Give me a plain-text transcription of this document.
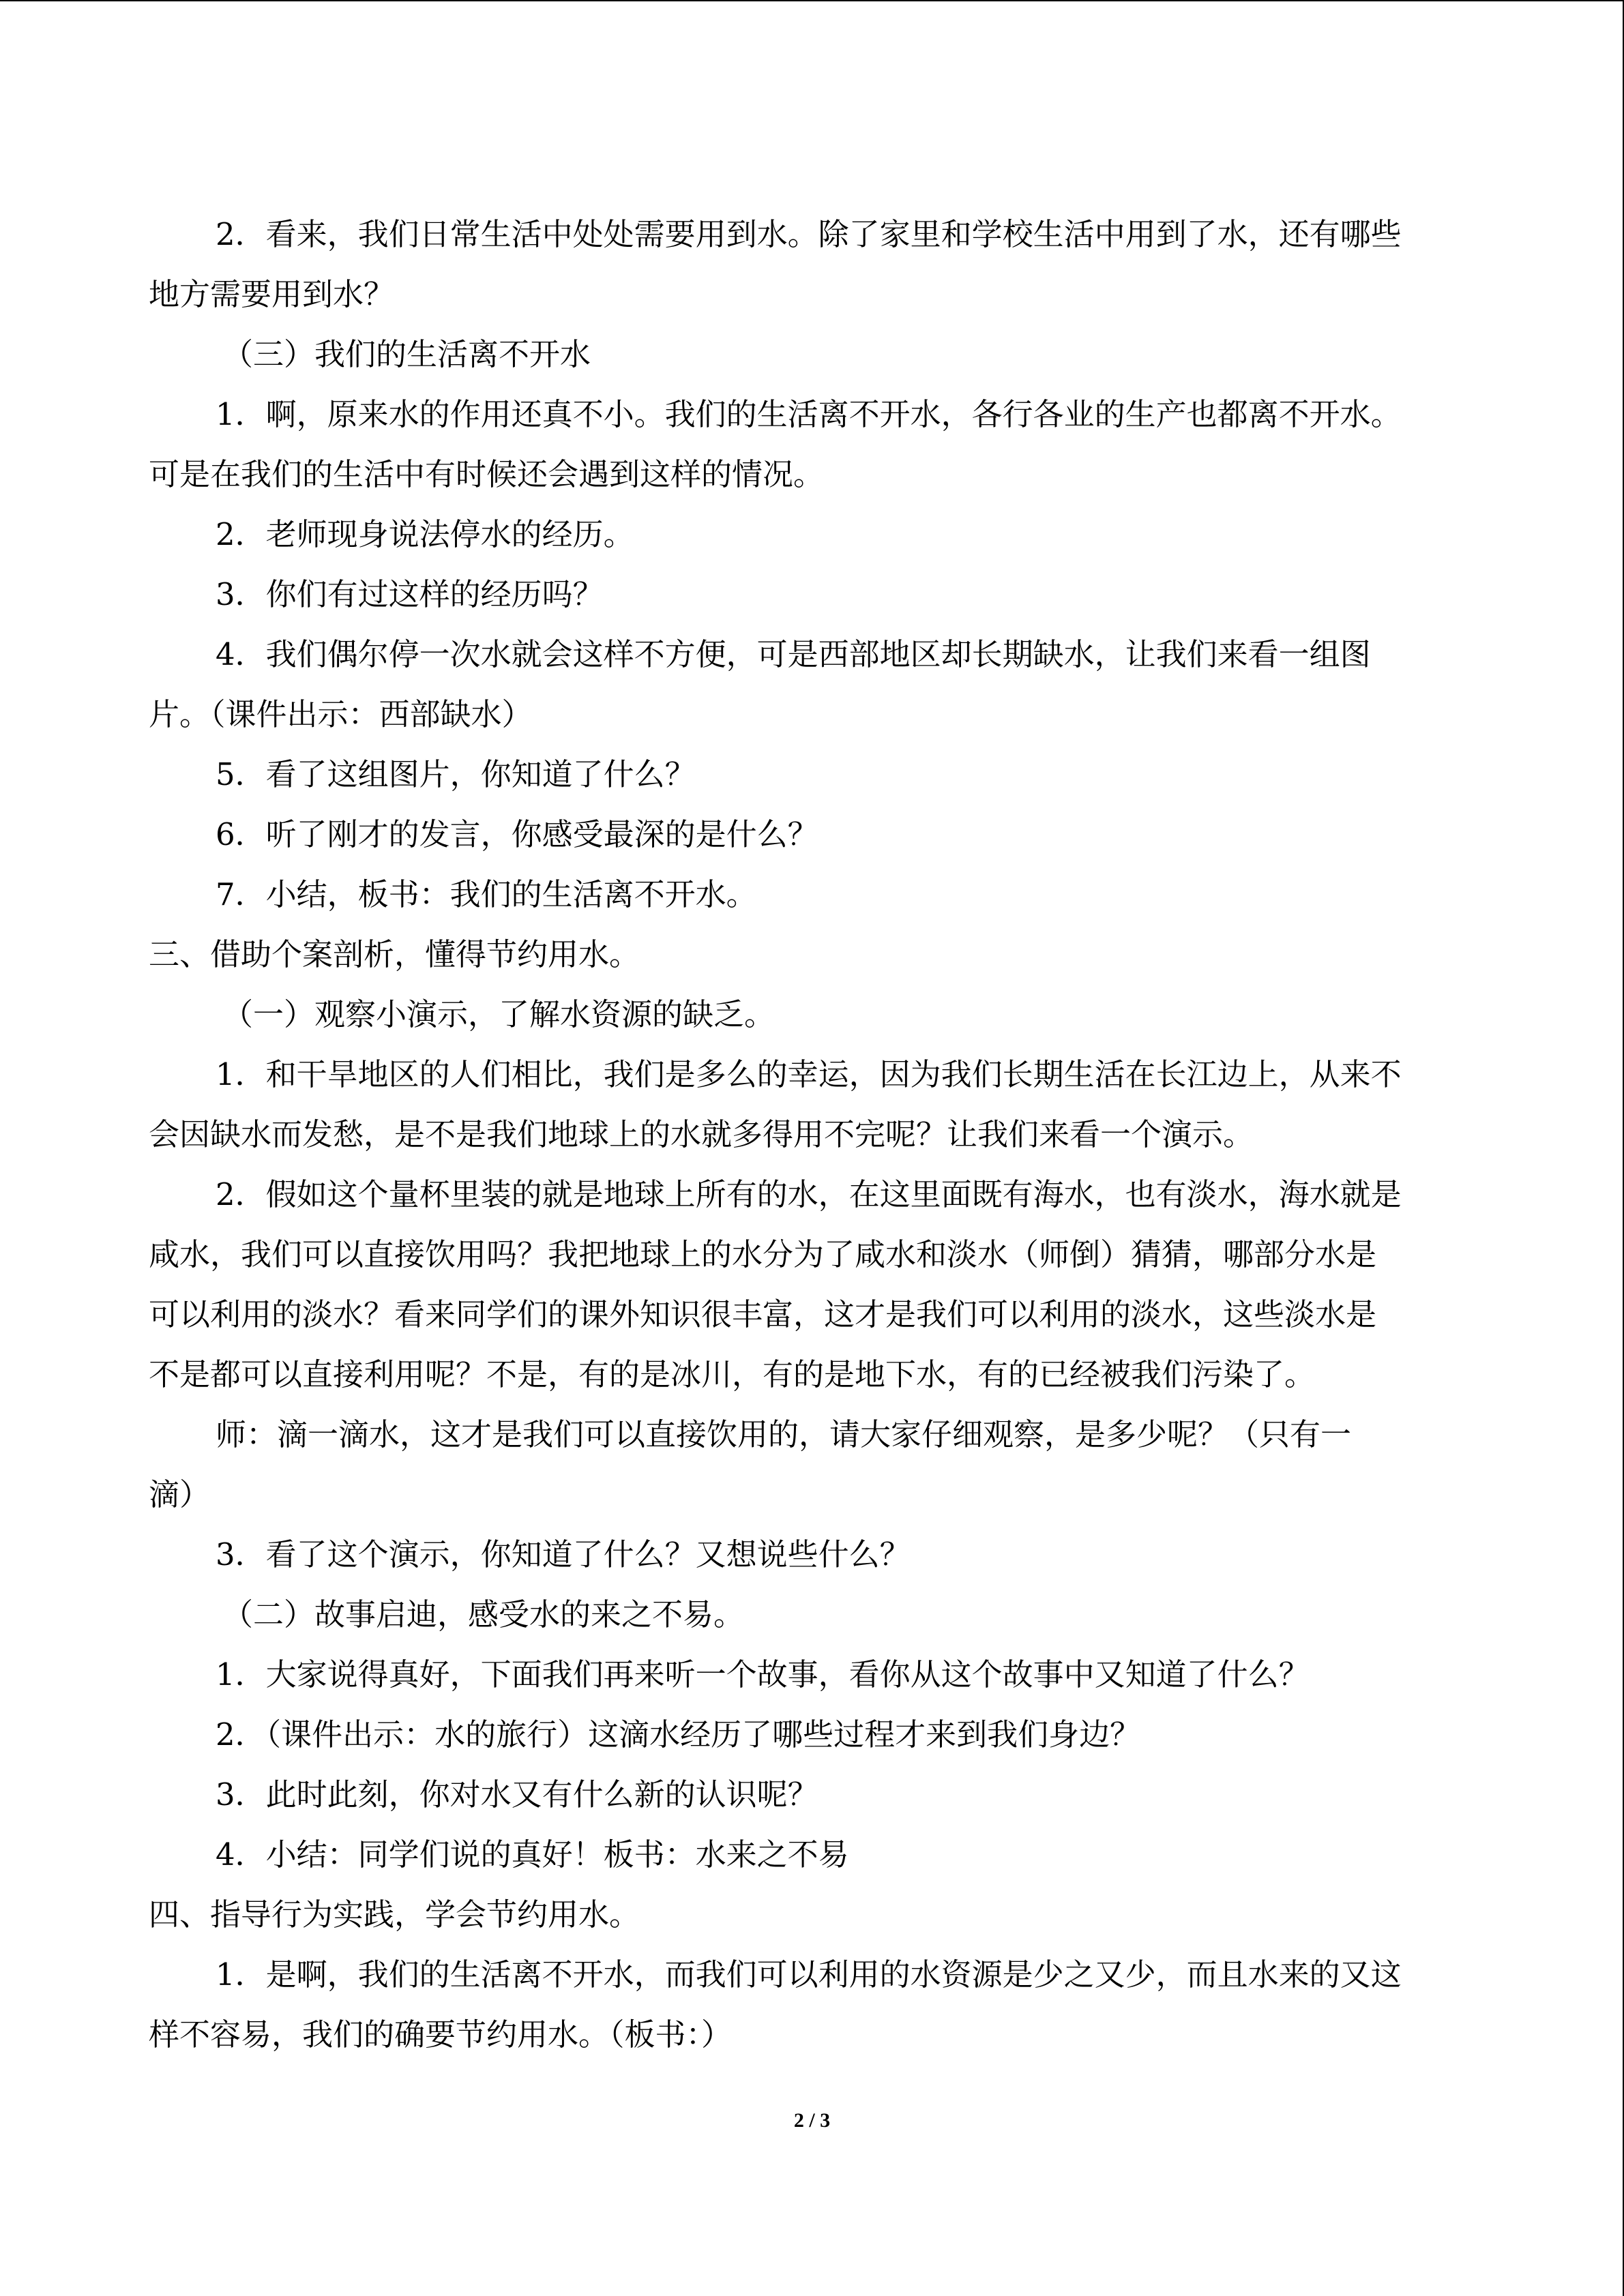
2．看来，我们日常生活中处处需要用到水。除了家里和学校生活中用到了水，还有哪些
地方需要用到水？
（三）我们的生活离不开水
1．啊，原来水的作用还真不小。我们的生活离不开水，各行各业的生产也都离不开水。
可是在我们的生活中有时候还会遇到这样的情况。
2．老师现身说法停水的经历。
3．你们有过这样的经历吗？
4．我们偶尔停一次水就会这样不方便，可是西部地区却长期缺水，让我们来看一组图
片。（课件出示：西部缺水）
5．看了这组图片，你知道了什么？
6．听了刚才的发言，你感受最深的是什么？
7．小结，板书：我们的生活离不开水。
三、借助个案剖析，懂得节约用水。
（一）观察小演示，了解水资源的缺乏。
1．和干旱地区的人们相比，我们是多么的幸运，因为我们长期生活在长江边上，从来不
会因缺水而发愁，是不是我们地球上的水就多得用不完呢？让我们来看一个演示。
2．假如这个量杯里装的就是地球上所有的水，在这里面既有海水，也有淡水，海水就是
咸水，我们可以直接饮用吗？我把地球上的水分为了咸水和淡水（师倒）猜猜，哪部分水是
可以利用的淡水？看来同学们的课外知识很丰富，这才是我们可以利用的淡水，这些淡水是
不是都可以直接利用呢？不是，有的是冰川，有的是地下水，有的已经被我们污染了。
师：滴一滴水，这才是我们可以直接饮用的，请大家仔细观察，是多少呢？（只有一
滴）
3．看了这个演示，你知道了什么？又想说些什么？
（二）故事启迪，感受水的来之不易。
1．大家说得真好，下面我们再来听一个故事，看你从这个故事中又知道了什么？
2．（课件出示：水的旅行）这滴水经历了哪些过程才来到我们身边？
3．此时此刻，你对水又有什么新的认识呢？
4．小结：同学们说的真好！板书：水来之不易
四、指导行为实践，学会节约用水。
1．是啊，我们的生活离不开水，而我们可以利用的水资源是少之又少，而且水来的又这
样不容易，我们的确要节约用水。（板书：）
2 / 3
